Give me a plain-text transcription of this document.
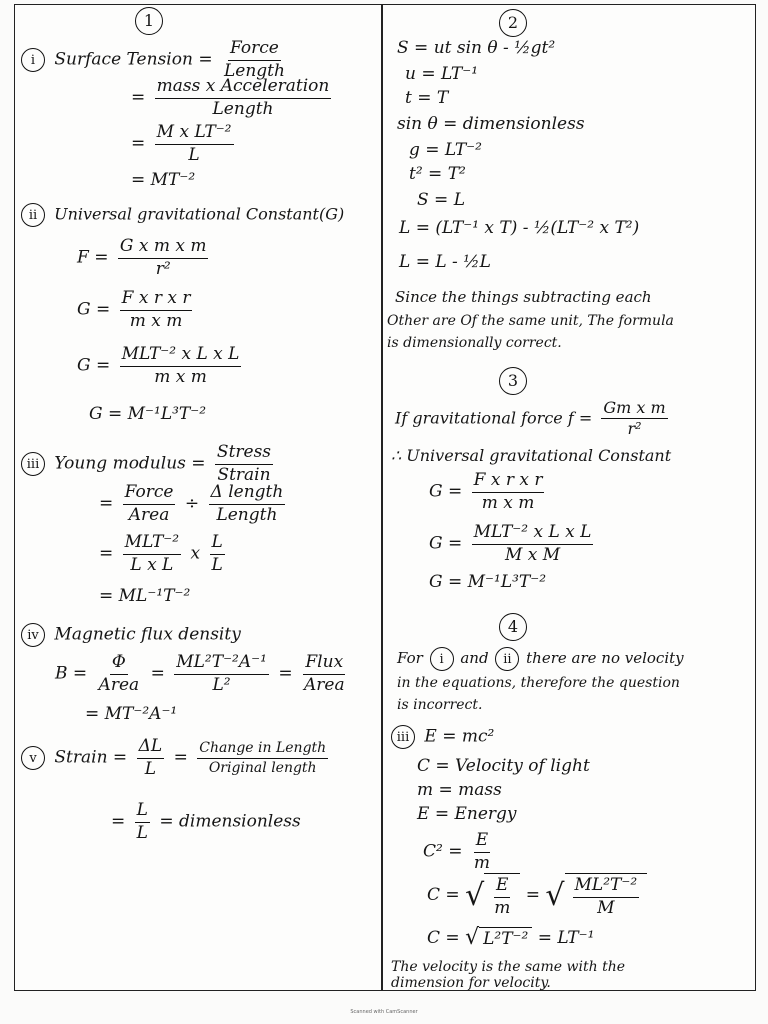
1
i Surface Tension = $\frac{\text{Force}}{\text{Length}}$
= $\frac{\text{mass x Acceleration}}{\text{Length}}$
= $\frac{\text{M x LT⁻²}}{L}$
= MT⁻²
ii Universal gravitational Constant(G)
$F = \frac{\text{G x m x m}}{\text{r²}}$
$G = \frac{\text{F x r x r}}{\text{m x m}}$
$G = \frac{\text{MLT⁻² x L x L}}{\text{m x m}}$
G = M⁻¹L³T⁻²
iii Young modulus = $\frac{\text{Stress}}{\text{Strain}}$
= $\frac{\text{Force}}{\text{Area}} \div \frac{\text{Δ length}}{\text{Length}}$
= $\frac{\text{MLT⁻²}}{\text{L x L}}$ x $\frac{L}{L}$
= ML⁻¹T⁻²
iv Magnetic flux density
$B = \frac{\Phi}{\text{Area}} = \frac{\text{ML²T⁻²A⁻¹}}{\text{L²}} = \frac{\text{Flux}}{\text{Area}}$
= MT⁻²A⁻¹
v Strain = $\frac{\Delta L}{L} = \frac{\text{Change in Length}}{\text{Original length}}$
= $\frac{L}{L}$ = dimensionless
2
S = ut sin θ - ½gt²
u = LT⁻¹
t = T
sin θ = dimensionless
g = LT⁻²
t² = T²
S = L
L = (LT⁻¹ x T) - ½(LT⁻² x T²)
L = L - ½L
Since the things subtracting each
Other are Of the same unit, The formula
is dimensionally correct.
3
If gravitational force $f = \frac{\text{Gm x m}}{\text{r²}}$
∴ Universal gravitational Constant
$G = \frac{\text{F x r x r}}{\text{m x m}}$
$G = \frac{\text{MLT⁻² x L x L}}{\text{M x M}}$
G = M⁻¹L³T⁻²
4
For i and ii there are no velocity
in the equations, therefore the question
is incorrect.
iii E = mc²
C = Velocity of light
m = mass
E = Energy
$C^2 = \frac{E}{m}$
C = √ $\frac{E}{m}$ = √ $\frac{\text{ML²T⁻²}}{M}$
C = √ L²T⁻² = LT⁻¹
The velocity is the same with the
dimension for velocity.
Scanned with CamScanner
